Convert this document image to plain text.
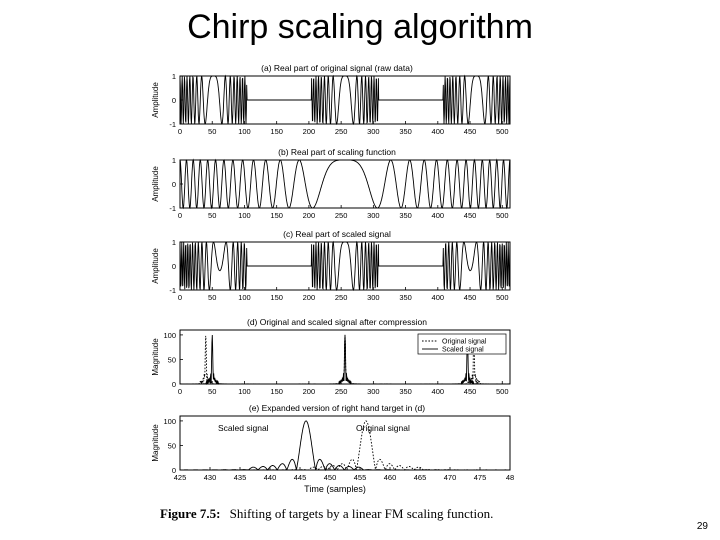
Chirp scaling algorithm
(a) Real part of original signal (raw data)
Amplitude
0	50	100	150	200	250	300	350	400	450	500
-1
0
1
(b) Real part of scaling function
Amplitude
0	50	100	150	200	250	300	350	400	450	500
-1
0
1
(c) Real part of scaled signal
Amplitude
0	50	100	150	200	250	300	350	400	450	500
-1
0
1
(d) Original and scaled signal after compression
Magnitude
0	50	100	150	200	250	300	350	400	450	500
0
50
100
Original signal
Scaled signal
(e) Expanded version of right hand target in (d)
Magnitude
425 430 435 440 445 450 455 460 465 470 475	48
0
50
100
Scaled signal	Original signal
Time (samples)
Figure 7.5: Shifting of targets by a linear FM scaling function.
29
